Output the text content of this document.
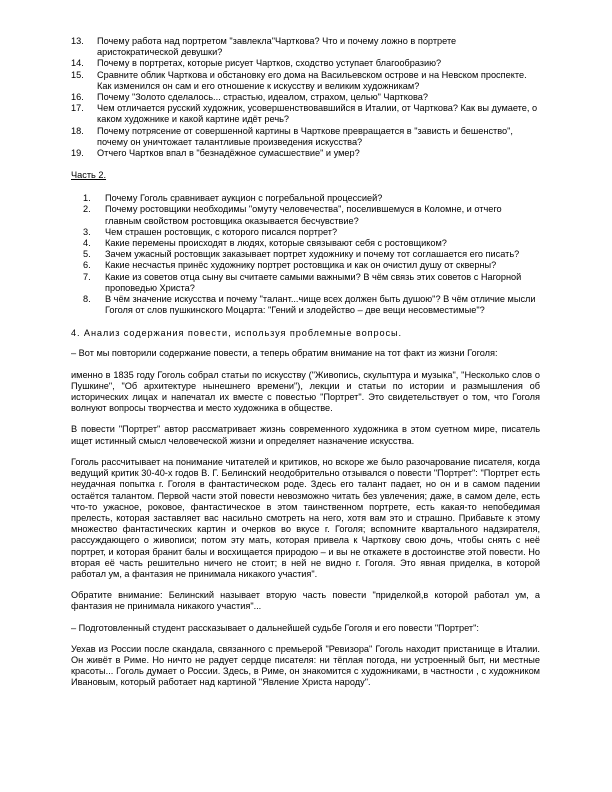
13.	Почему работа над портретом "завлекла"Чарткова? Что и почему ложно в портрете аристократической девушки?
14.	Почему в портретах, которые рисует Чартков, сходство уступает благообразию?
15.	Сравните облик Чарткова и обстановку его дома на Васильевском острове и на Невском проспекте. Как изменился он сам и его отношение к искусству и великим художникам?
16.	Почему "Золото сделалось... страстью, идеалом, страхом, целью" Чарткова?
17.	Чем отличается русский художник, усовершенствовавшийся в Италии, от Чарткова? Как вы думаете, о каком художнике и какой картине идёт речь?
18.	Почему потрясение от совершенной картины в Чарткове превращается в "зависть и бешенство", почему он уничтожает талантливые произведения искусства?
19.	Отчего Чартков впал в "безнадёжное сумасшествие" и умер?
Часть 2.
1.	Почему Гоголь сравнивает аукцион с погребальной процессией?
2.	Почему ростовщики необходимы "омуту человечества", поселившемуся в Коломне, и отчего главным свойством ростовщика оказывается бесчувствие?
3.	Чем страшен ростовщик, с которого писался портрет?
4.	Какие перемены происходят в людях, которые связывают себя с ростовщиком?
5.	Зачем ужасный ростовщик заказывает портрет художнику и почему тот соглашается его писать?
6.	Какие несчастья принёс художнику портрет ростовщика и как он очистил душу от скверны?
7.	Какие из советов отца сыну вы считаете самыми важными? В чём связь этих советов с Нагорной проповедью Христа?
8.	В чём значение искусства и почему "талант...чище всех должен быть душою"? В чём отличие мысли Гоголя от слов пушкинского Моцарта: "Гений и злодейство – две вещи несовместимые"?
4. Анализ содержания повести, используя проблемные вопросы.

– Вот мы повторили содержание повести, а теперь обратим внимание на тот факт из жизни Гоголя:

именно в 1835 году Гоголь собрал статьи по искусству ("Живопись, скульптура и музыка", "Несколько слов о Пушкине", "Об архитектуре нынешнего времени"), лекции и статьи по истории и размышления об исторических лицах и напечатал их вместе с повестью "Портрет". Это свидетельствует о том, что Гоголя волнуют вопросы творчества и место художника в обществе.

В повести "Портрет" автор рассматривает жизнь современного художника в этом суетном мире, писатель ищет истинный смысл человеческой жизни и определяет назначение искусства.

Гоголь рассчитывает на понимание читателей и критиков, но вскоре же было разочарование писателя, когда ведущий критик 30-40-х годов В. Г. Белинский неодобрительно отзывался о повести "Портрет": "Портрет есть неудачная попытка г. Гоголя в фантастическом роде. Здесь его талант падает, но он и в самом падении остаётся талантом. Первой части этой повести невозможно читать без увлечения; даже, в самом деле, есть что-то ужасное, роковое, фантастическое в этом таинственном портрете, есть какая-то непобедимая прелесть, которая заставляет вас насильно смотреть на него, хотя вам это и страшно. Прибавьте к этому множество фантастических картин и очерков во вкусе г. Гоголя; вспомните квартального надзирателя, рассуждающего о живописи; потом эту мать, которая привела к Чарткову свою дочь, чтобы снять с неё портрет, и которая бранит балы и восхищается природою – и вы не откажете в достоинстве этой повести. Но вторая её часть решительно ничего не стоит; в ней не видно г. Гоголя. Это явная приделка, в которой работал ум, а фантазия не принимала никакого участия".

Обратите внимание: Белинский называет вторую часть повести "приделкой,в которой работал ум, а фантазия не принимала никакого участия"...

– Подготовленный студент рассказывает о дальнейшей судьбе Гоголя и его повести "Портрет":

Уехав из России после скандала, связанного с премьерой "Ревизора" Гоголь находит пристанище в Италии. Он живёт в Риме. Но ничто не радует сердце писателя: ни тёплая погода, ни устроенный быт, ни местные красоты... Гоголь думает о России. Здесь, в Риме, он знакомится с художниками, в частности , с художником Ивановым, который работает над картиной "Явление Христа народу".
